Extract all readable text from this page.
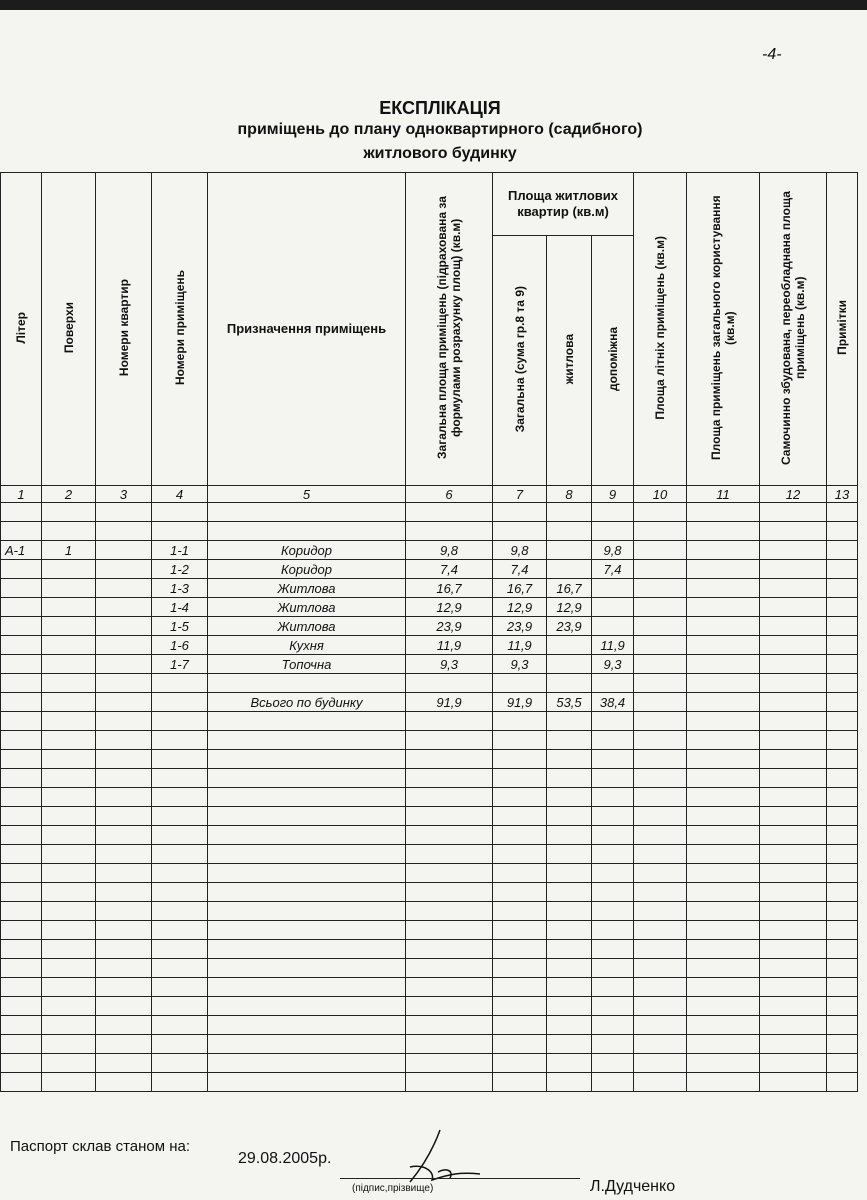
-4-
ЕКСПЛІКАЦІЯ
приміщень до плану одноквартирного (садибного)
житлового будинку
Літер	Поверхи	Номери квартир	Номери приміщень	Призначення приміщень	Загальна площа приміщень (підрахована за формулами розрахунку площ) (кв.м)	Площа житлових квартир (кв.м)			Площа літніх приміщень (кв.м)	Площа приміщень загального користування (кв.м)	Самочинно збудована, переобладнана площа приміщень (кв.м)	Примітки
						Загальна (сума гр.8 та 9)	житлова	допоміжна				
1	2	3	4	5	6	7	8	9	10	11	12	13

А-1	1		1-1	Коридор	9,8	9,8		9,8				
			1-2	Коридор	7,4	7,4		7,4				
			1-3	Житлова	16,7	16,7	16,7					
			1-4	Житлова	12,9	12,9	12,9					
			1-5	Житлова	23,9	23,9	23,9					
			1-6	Кухня	11,9	11,9		11,9				
			1-7	Топочна	9,3	9,3		9,3				

				Всього по будинку	91,9	91,9	53,5	38,4				

Паспорт склав станом на:
29.08.2005р.
(підпис,прізвище)	Л.Дудченко
